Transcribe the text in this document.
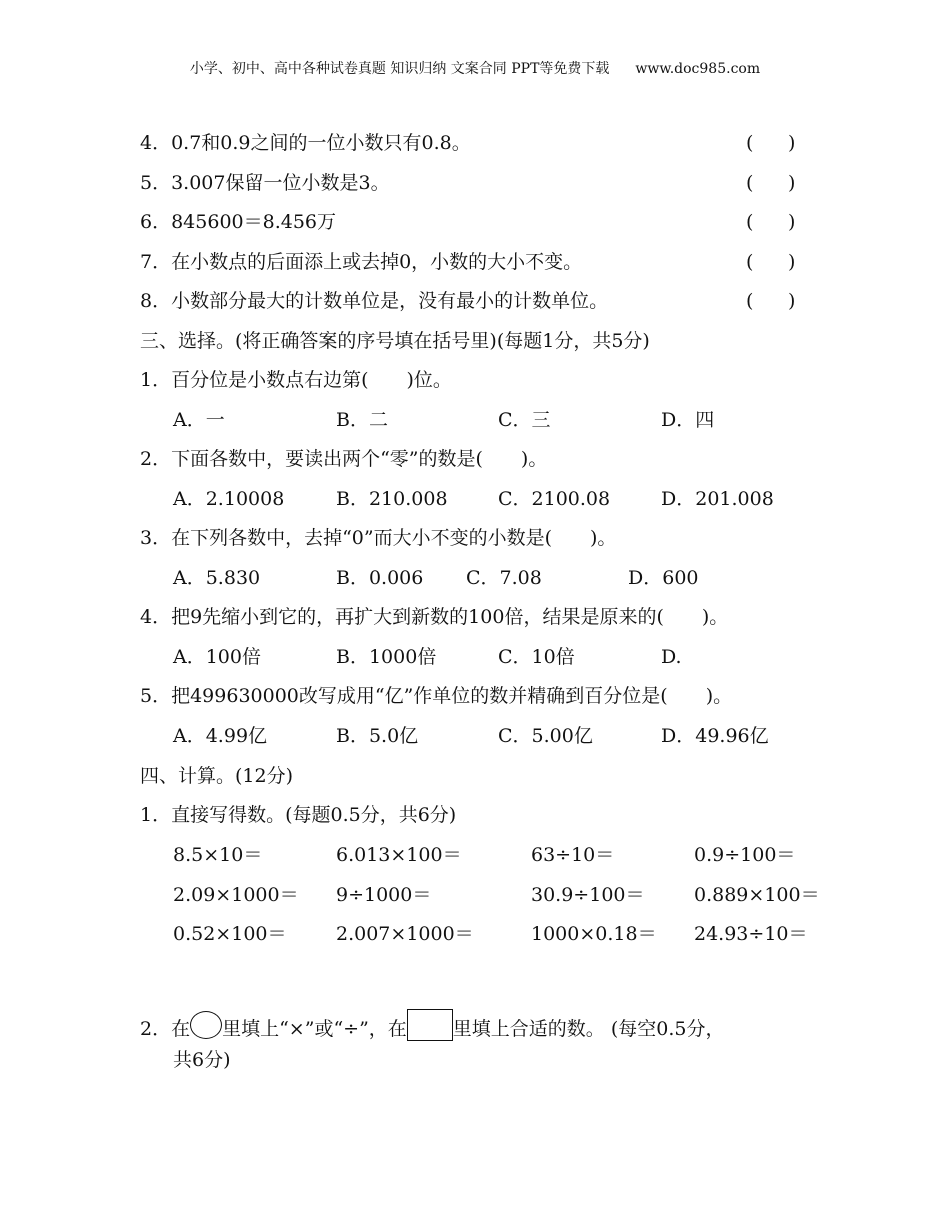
小学、初中、高中各种试卷真题 知识归纳 文案合同 PPT等免费下载 www.doc985.com
4．0.7和0.9之间的一位小数只有0.8。	( )
5．3.007保留一位小数是3。	( )
6．845600＝8.456万	( )
7．在小数点的后面添上或去掉0，小数的大小不变。	( )
8．小数部分最大的计数单位是，没有最小的计数单位。	( )
三、选择。(将正确答案的序号填在括号里)(每题1分，共5分)
1．百分位是小数点右边第(　　)位。
A．一	B．二	C．三	D．四
2．下面各数中，要读出两个“零”的数是(　　)。
A．2.10008	B．210.008	C．2100.08	D．201.008
3．在下列各数中，去掉“0”而大小不变的小数是(　　)。
A．5.830	B．0.006 C．7.08	D．600
4．把9先缩小到它的，再扩大到新数的100倍，结果是原来的(　　)。
A．100倍	B．1000倍	C．10倍	D.
5．把499630000改写成用“亿”作单位的数并精确到百分位是(　　)。
A．4.99亿	B．5.0亿	C．5.00亿	D．49.96亿
四、计算。(12分)
1．直接写得数。(每题0.5分，共6分)
8.5×10＝	6.013×100＝	63÷10＝	0.9÷100＝
2.09×1000＝ 9÷1000＝	30.9÷100＝	0.889×100＝
0.52×100＝	2.007×1000＝	1000×0.18＝ 24.93÷10＝
2．在 里填上“×”或“÷”，在 里填上合适的数。 (每空0.5分，
共6分)
